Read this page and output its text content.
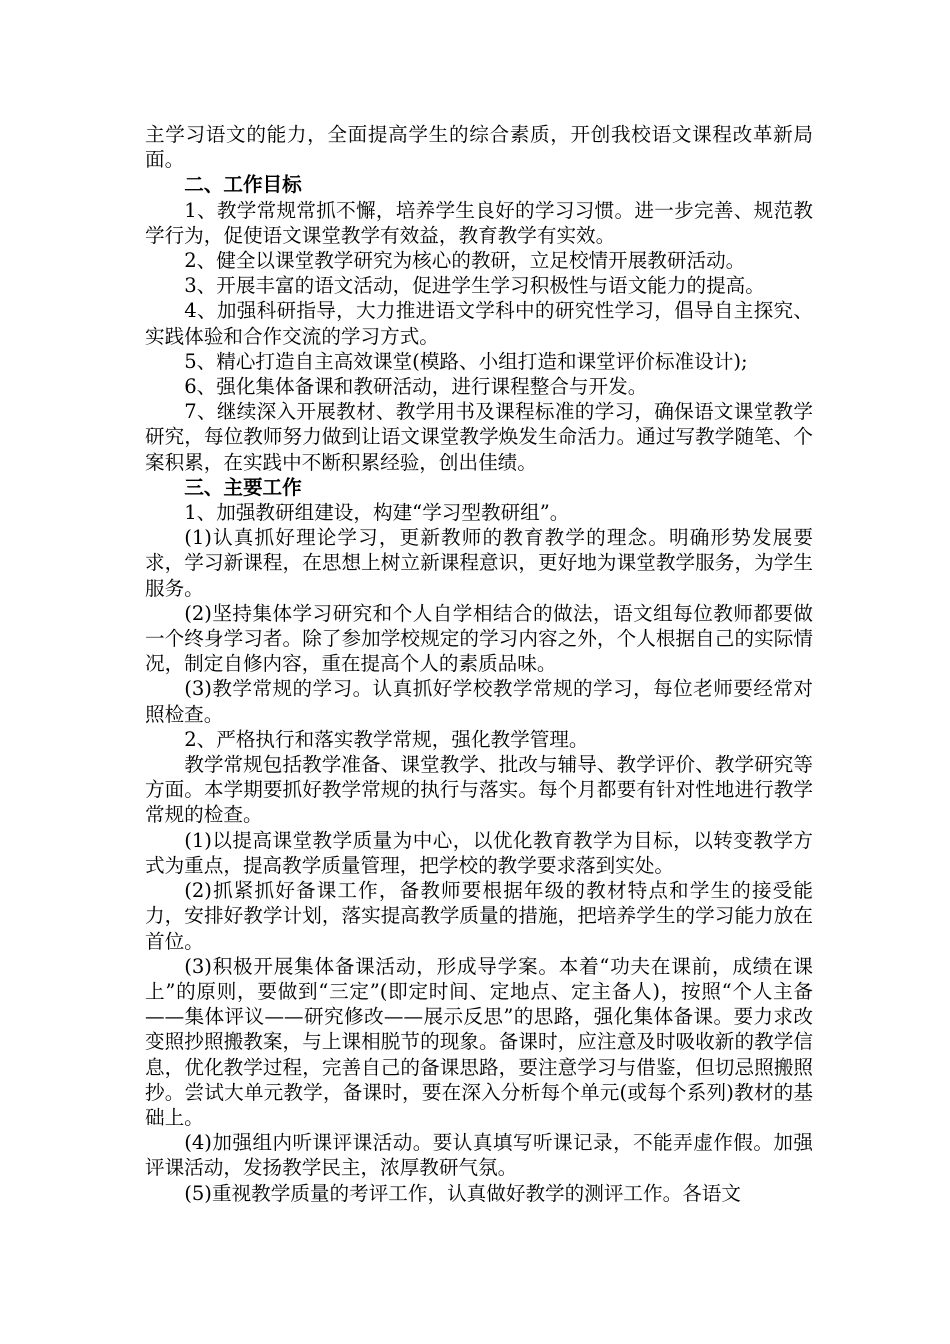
主学习语文的能力，全面提高学生的综合素质，开创我校语文课程改革新局面。

二、工作目标

1、教学常规常抓不懈，培养学生良好的学习习惯。进一步完善、规范教学行为，促使语文课堂教学有效益，教育教学有实效。

2、健全以课堂教学研究为核心的教研，立足校情开展教研活动。

3、开展丰富的语文活动，促进学生学习积极性与语文能力的提高。

4、加强科研指导，大力推进语文学科中的研究性学习，倡导自主探究、实践体验和合作交流的学习方式。

5、精心打造自主高效课堂(模路、小组打造和课堂评价标准设计);

6、强化集体备课和教研活动，进行课程整合与开发。

7、继续深入开展教材、教学用书及课程标准的学习，确保语文课堂教学研究，每位教师努力做到让语文课堂教学焕发生命活力。通过写教学随笔、个案积累，在实践中不断积累经验，创出佳绩。

三、主要工作

1、加强教研组建设，构建“学习型教研组”。

(1)认真抓好理论学习，更新教师的教育教学的理念。明确形势发展要求，学习新课程，在思想上树立新课程意识，更好地为课堂教学服务，为学生服务。

(2)坚持集体学习研究和个人自学相结合的做法，语文组每位教师都要做一个终身学习者。除了参加学校规定的学习内容之外，个人根据自己的实际情况，制定自修内容，重在提高个人的素质品味。

(3)教学常规的学习。认真抓好学校教学常规的学习，每位老师要经常对照检查。

2、严格执行和落实教学常规，强化教学管理。

教学常规包括教学准备、课堂教学、批改与辅导、教学评价、教学研究等方面。本学期要抓好教学常规的执行与落实。每个月都要有针对性地进行教学常规的检查。

(1)以提高课堂教学质量为中心，以优化教育教学为目标，以转变教学方式为重点，提高教学质量管理，把学校的教学要求落到实处。

(2)抓紧抓好备课工作，备教师要根据年级的教材特点和学生的接受能力，安排好教学计划，落实提高教学质量的措施，把培养学生的学习能力放在首位。

(3)积极开展集体备课活动，形成导学案。本着“功夫在课前，成绩在课上”的原则，要做到“三定”(即定时间、定地点、定主备人)，按照“个人主备——集体评议——研究修改——展示反思”的思路，强化集体备课。要力求改变照抄照搬教案，与上课相脱节的现象。备课时，应注意及时吸收新的教学信息，优化教学过程，完善自己的备课思路，要注意学习与借鉴，但切忌照搬照抄。尝试大单元教学，备课时，要在深入分析每个单元(或每个系列)教材的基础上。

(4)加强组内听课评课活动。要认真填写听课记录，不能弄虚作假。加强评课活动，发扬教学民主，浓厚教研气氛。

(5)重视教学质量的考评工作，认真做好教学的测评工作。各语文
